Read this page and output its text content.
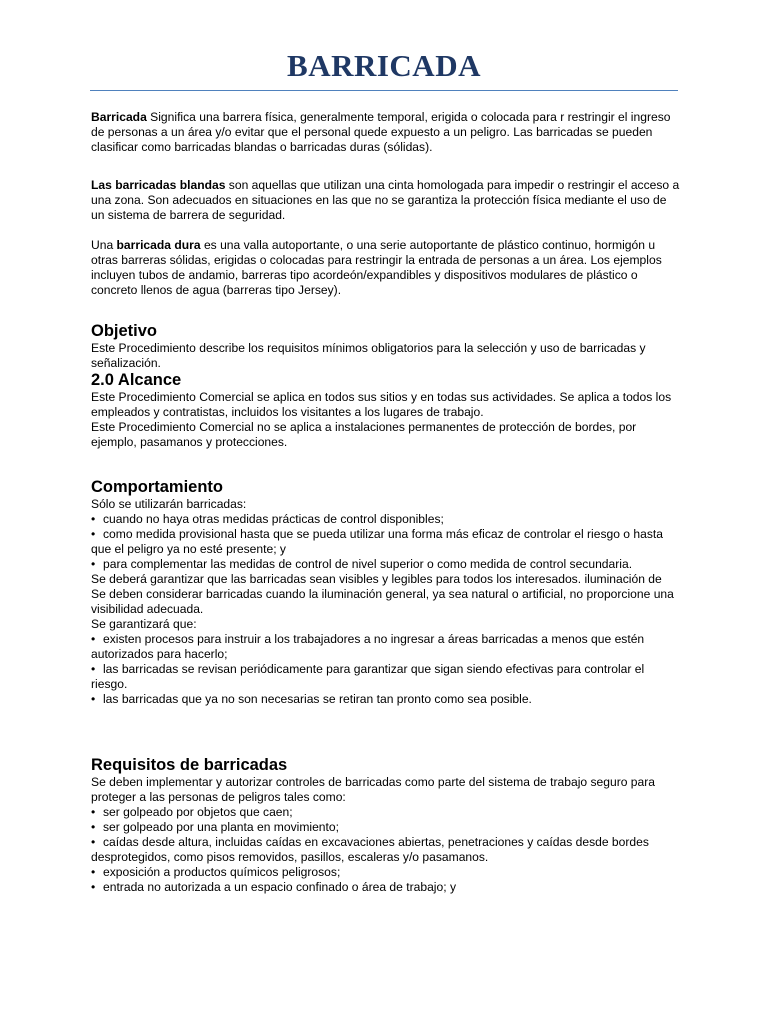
BARRICADA

Barricada Significa una barrera física, generalmente temporal, erigida o colocada para r restringir el ingreso de personas a un área y/o evitar que el personal quede expuesto a un peligro. Las barricadas se pueden clasificar como barricadas blandas o barricadas duras (sólidas).

Las barricadas blandas son aquellas que utilizan una cinta homologada para impedir o restringir el acceso a una zona. Son adecuados en situaciones en las que no se garantiza la protección física mediante el uso de un sistema de barrera de seguridad.

Una barricada dura es una valla autoportante, o una serie autoportante de plástico continuo, hormigón u otras barreras sólidas, erigidas o colocadas para restringir la entrada de personas a un área. Los ejemplos incluyen tubos de andamio, barreras tipo acordeón/expandibles y dispositivos modulares de plástico o concreto llenos de agua (barreras tipo Jersey).

Objetivo

Este Procedimiento describe los requisitos mínimos obligatorios para la selección y uso de barricadas y señalización.

2.0 Alcance

Este Procedimiento Comercial se aplica en todos sus sitios y en todas sus actividades. Se aplica a todos los empleados y contratistas, incluidos los visitantes a los lugares de trabajo.

Este Procedimiento Comercial no se aplica a instalaciones permanentes de protección de bordes, por ejemplo, pasamanos y protecciones.

Comportamiento

Sólo se utilizarán barricadas:

• cuando no haya otras medidas prácticas de control disponibles;

• como medida provisional hasta que se pueda utilizar una forma más eficaz de controlar el riesgo o hasta que el peligro ya no esté presente; y

• para complementar las medidas de control de nivel superior o como medida de control secundaria.

Se deberá garantizar que las barricadas sean visibles y legibles para todos los interesados. iluminación de

Se deben considerar barricadas cuando la iluminación general, ya sea natural o artificial, no proporcione una visibilidad adecuada.

Se garantizará que:

• existen procesos para instruir a los trabajadores a no ingresar a áreas barricadas a menos que estén autorizados para hacerlo;

• las barricadas se revisan periódicamente para garantizar que sigan siendo efectivas para controlar el riesgo.

• las barricadas que ya no son necesarias se retiran tan pronto como sea posible.

Requisitos de barricadas

Se deben implementar y autorizar controles de barricadas como parte del sistema de trabajo seguro para proteger a las personas de peligros tales como:

• ser golpeado por objetos que caen;

• ser golpeado por una planta en movimiento;

• caídas desde altura, incluidas caídas en excavaciones abiertas, penetraciones y caídas desde bordes desprotegidos, como pisos removidos, pasillos, escaleras y/o pasamanos.

• exposición a productos químicos peligrosos;

• entrada no autorizada a un espacio confinado o área de trabajo; y
